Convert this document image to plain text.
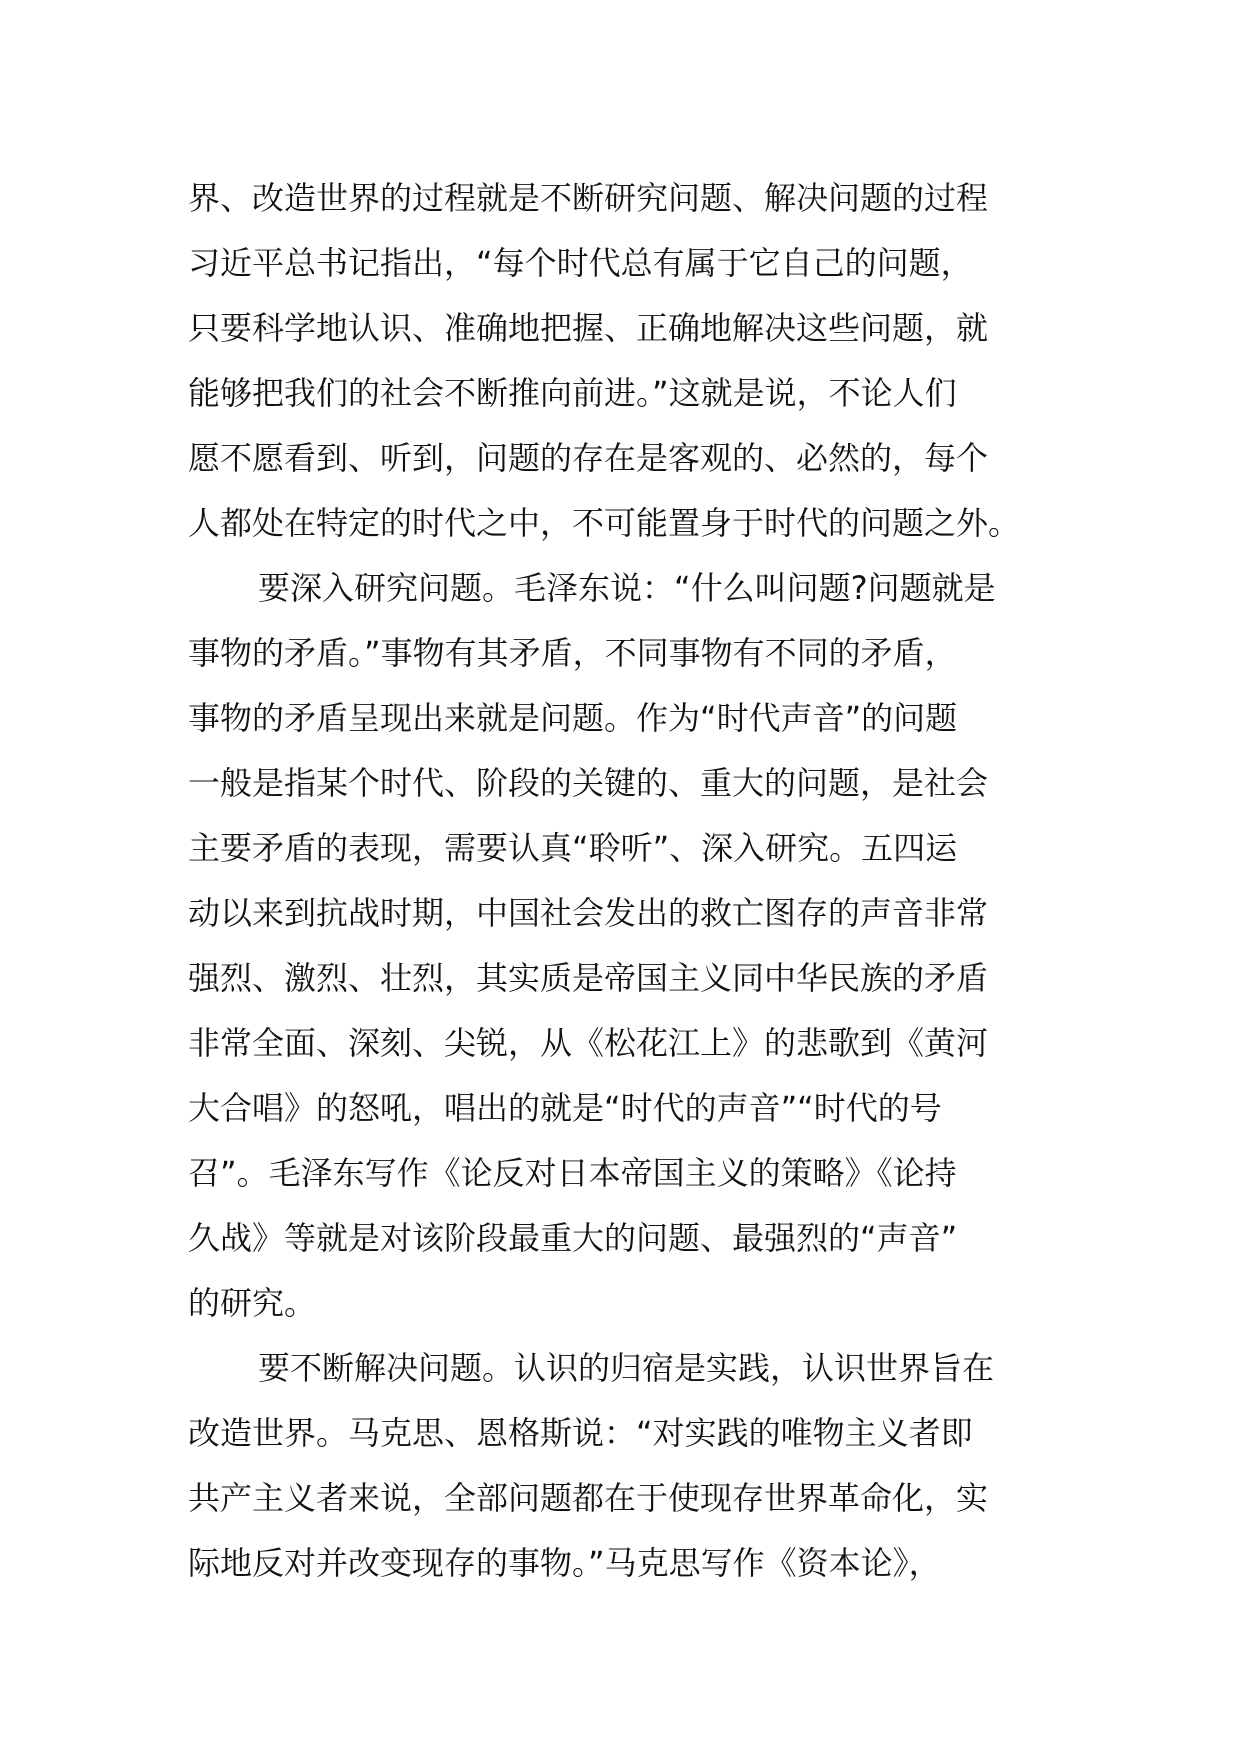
界、改造世界的过程就是不断研究问题、解决问题的过程
习近平总书记指出，“每个时代总有属于它自己的问题，
只要科学地认识、准确地把握、正确地解决这些问题，就
能够把我们的社会不断推向前进。”这就是说，不论人们
愿不愿看到、听到，问题的存在是客观的、必然的，每个
人都处在特定的时代之中，不可能置身于时代的问题之外。
要深入研究问题。毛泽东说：“什么叫问题?问题就是
事物的矛盾。”事物有其矛盾，不同事物有不同的矛盾，
事物的矛盾呈现出来就是问题。作为“时代声音”的问题
一般是指某个时代、阶段的关键的、重大的问题，是社会
主要矛盾的表现，需要认真“聆听”、深入研究。五四运
动以来到抗战时期，中国社会发出的救亡图存的声音非常
强烈、激烈、壮烈，其实质是帝国主义同中华民族的矛盾
非常全面、深刻、尖锐，从《松花江上》的悲歌到《黄河
大合唱》的怒吼，唱出的就是“时代的声音”“时代的号
召”。毛泽东写作《论反对日本帝国主义的策略》《论持
久战》等就是对该阶段最重大的问题、最强烈的“声音”
的研究。
要不断解决问题。认识的归宿是实践，认识世界旨在
改造世界。马克思、恩格斯说：“对实践的唯物主义者即
共产主义者来说，全部问题都在于使现存世界革命化，实
际地反对并改变现存的事物。”马克思写作《资本论》，
